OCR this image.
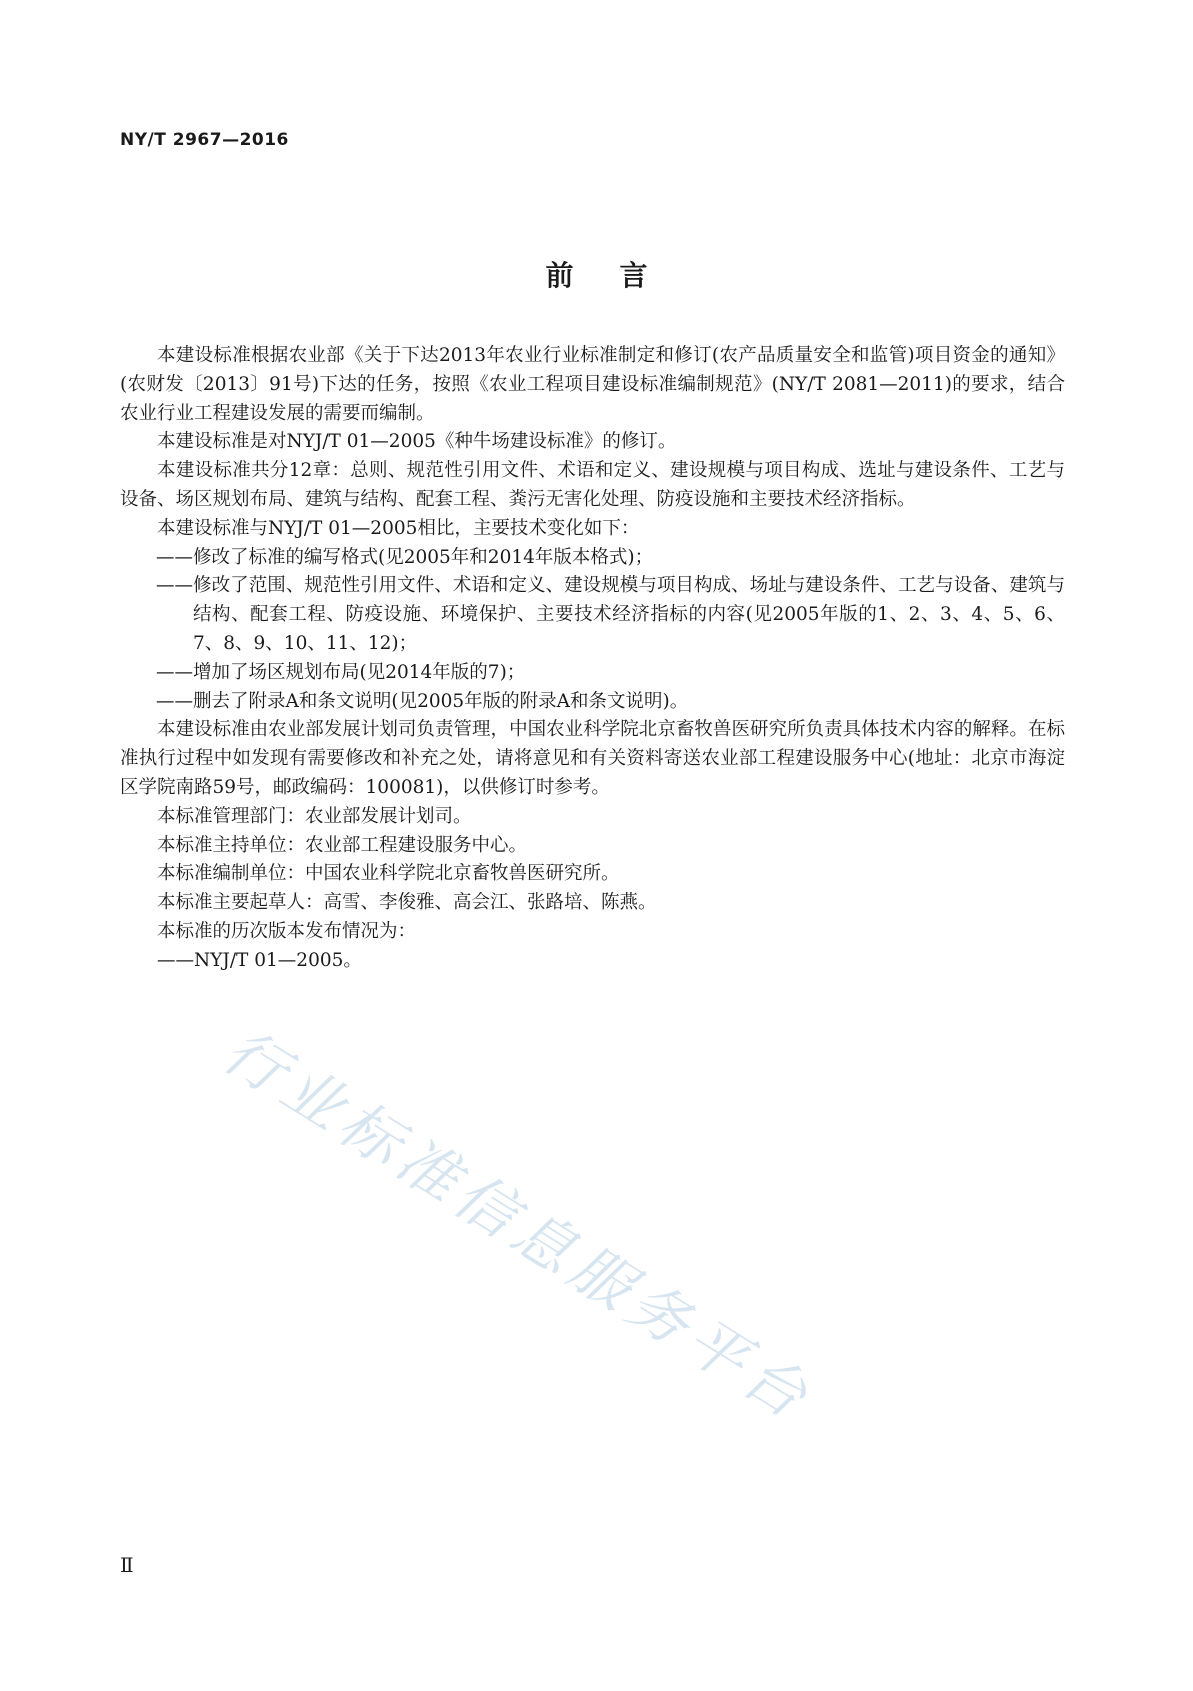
NY/T 2967—2016
前言

本建设标准根据农业部《关于下达2013年农业行业标准制定和修订(农产品质量安全和监管)项目资金的通知》(农财发〔2013〕91号)下达的任务，按照《农业工程项目建设标准编制规范》(NY/T 2081—2011)的要求，结合农业行业工程建设发展的需要而编制。

本建设标准是对NYJ/T 01—2005《种牛场建设标准》的修订。

本建设标准共分12章：总则、规范性引用文件、术语和定义、建设规模与项目构成、选址与建设条件、工艺与设备、场区规划布局、建筑与结构、配套工程、粪污无害化处理、防疫设施和主要技术经济指标。

本建设标准与NYJ/T 01—2005相比，主要技术变化如下：

——修改了标准的编写格式(见2005年和2014年版本格式)；

——修改了范围、规范性引用文件、术语和定义、建设规模与项目构成、场址与建设条件、工艺与设备、建筑与结构、配套工程、防疫设施、环境保护、主要技术经济指标的内容(见2005年版的1、2、3、4、5、6、7、8、9、10、11、12)；

——增加了场区规划布局(见2014年版的7)；

——删去了附录A和条文说明(见2005年版的附录A和条文说明)。

本建设标准由农业部发展计划司负责管理，中国农业科学院北京畜牧兽医研究所负责具体技术内容的解释。在标准执行过程中如发现有需要修改和补充之处，请将意见和有关资料寄送农业部工程建设服务中心(地址：北京市海淀区学院南路59号，邮政编码：100081)，以供修订时参考。

本标准管理部门：农业部发展计划司。

本标准主持单位：农业部工程建设服务中心。

本标准编制单位：中国农业科学院北京畜牧兽医研究所。

本标准主要起草人：高雪、李俊雅、高会江、张路培、陈燕。

本标准的历次版本发布情况为：

——NYJ/T 01—2005。

行业标准信息服务平台
Ⅱ
